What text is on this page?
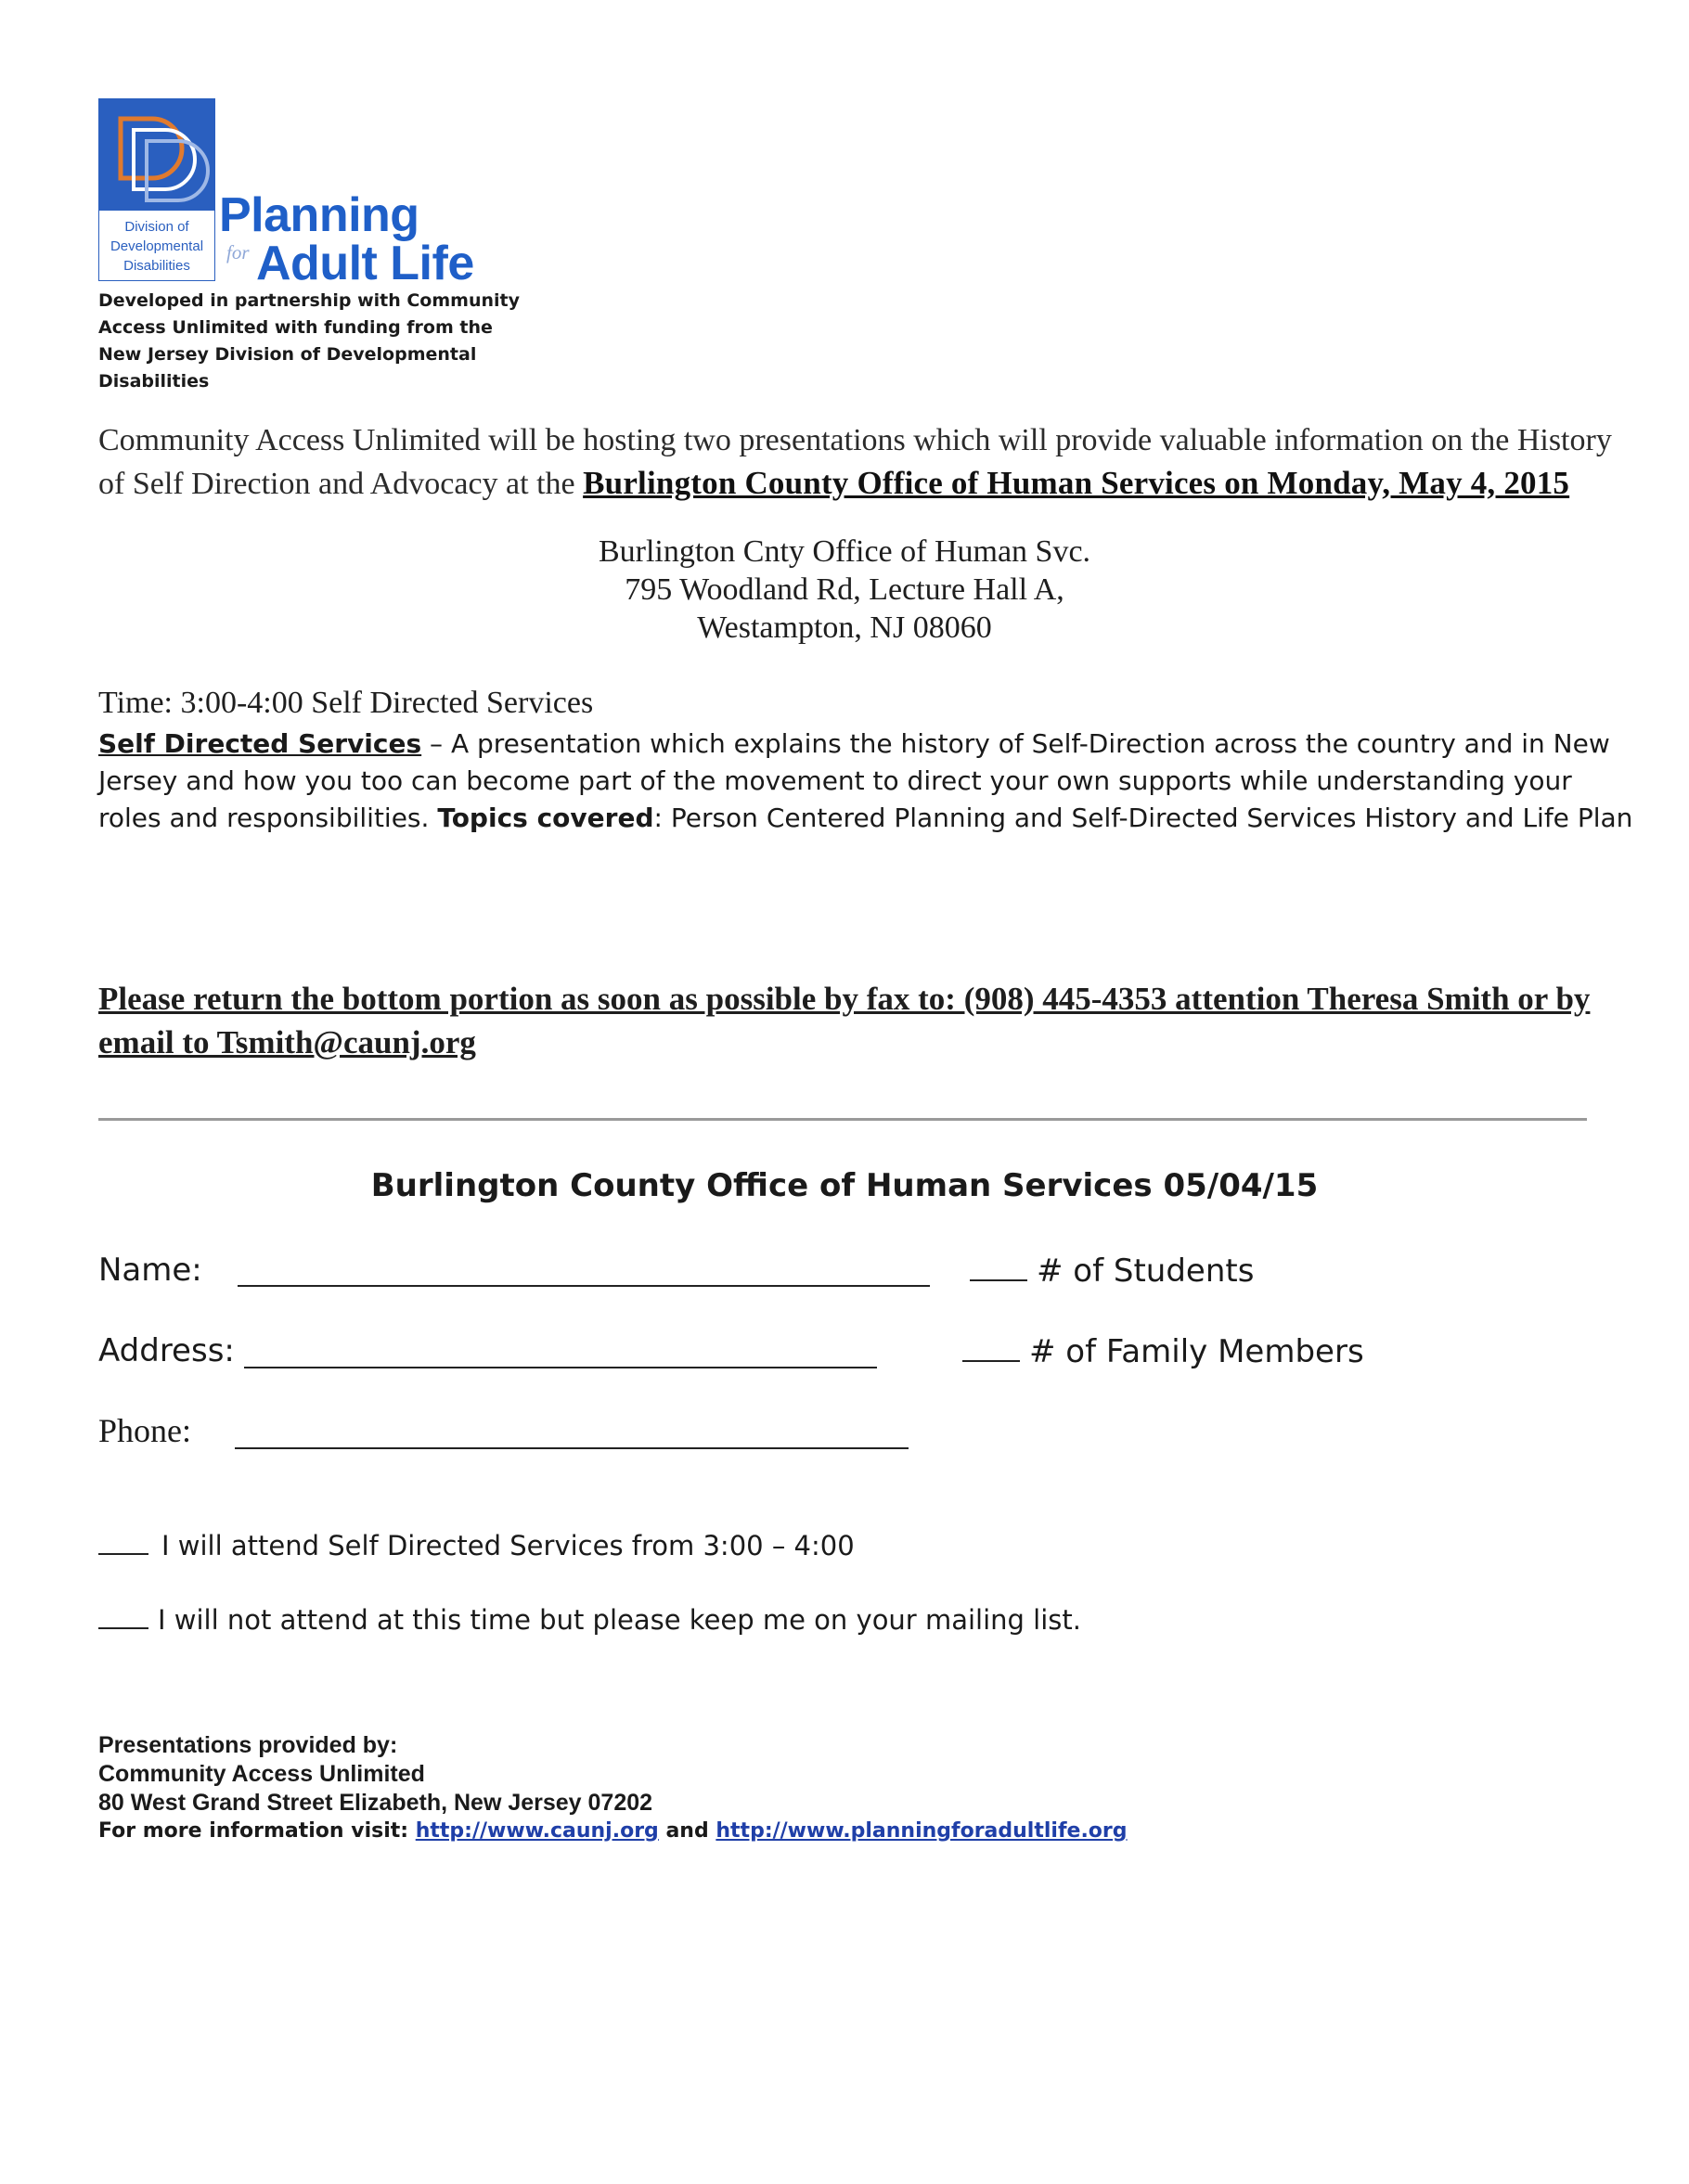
Division of Developmental Disabilities
Planning
for Adult Life
Developed in partnership with Community Access Unlimited with funding from the New Jersey Division of Developmental Disabilities
Community Access Unlimited will be hosting two presentations which will provide valuable information on the History of Self Direction and Advocacy at the Burlington County Office of Human Services on Monday, May 4, 2015
Burlington Cnty Office of Human Svc.
795 Woodland Rd, Lecture Hall A,
Westampton, NJ 08060
Time: 3:00-4:00 Self Directed Services
Self Directed Services – A presentation which explains the history of Self-Direction across the country and in New Jersey and how you too can become part of the movement to direct your own supports while understanding your roles and responsibilities. Topics covered: Person Centered Planning and Self-Directed Services History and Life Plan
Please return the bottom portion as soon as possible by fax to: (908) 445-4353 attention Theresa Smith or by email to Tsmith@caunj.org
Burlington County Office of Human Services 05/04/15
Name:	# of Students
Address:	# of Family Members
Phone:
I will attend Self Directed Services from 3:00 – 4:00
I will not attend at this time but please keep me on your mailing list.
Presentations provided by:
Community Access Unlimited
80 West Grand Street Elizabeth, New Jersey 07202
For more information visit: http://www.caunj.org and http://www.planningforadultlife.org
